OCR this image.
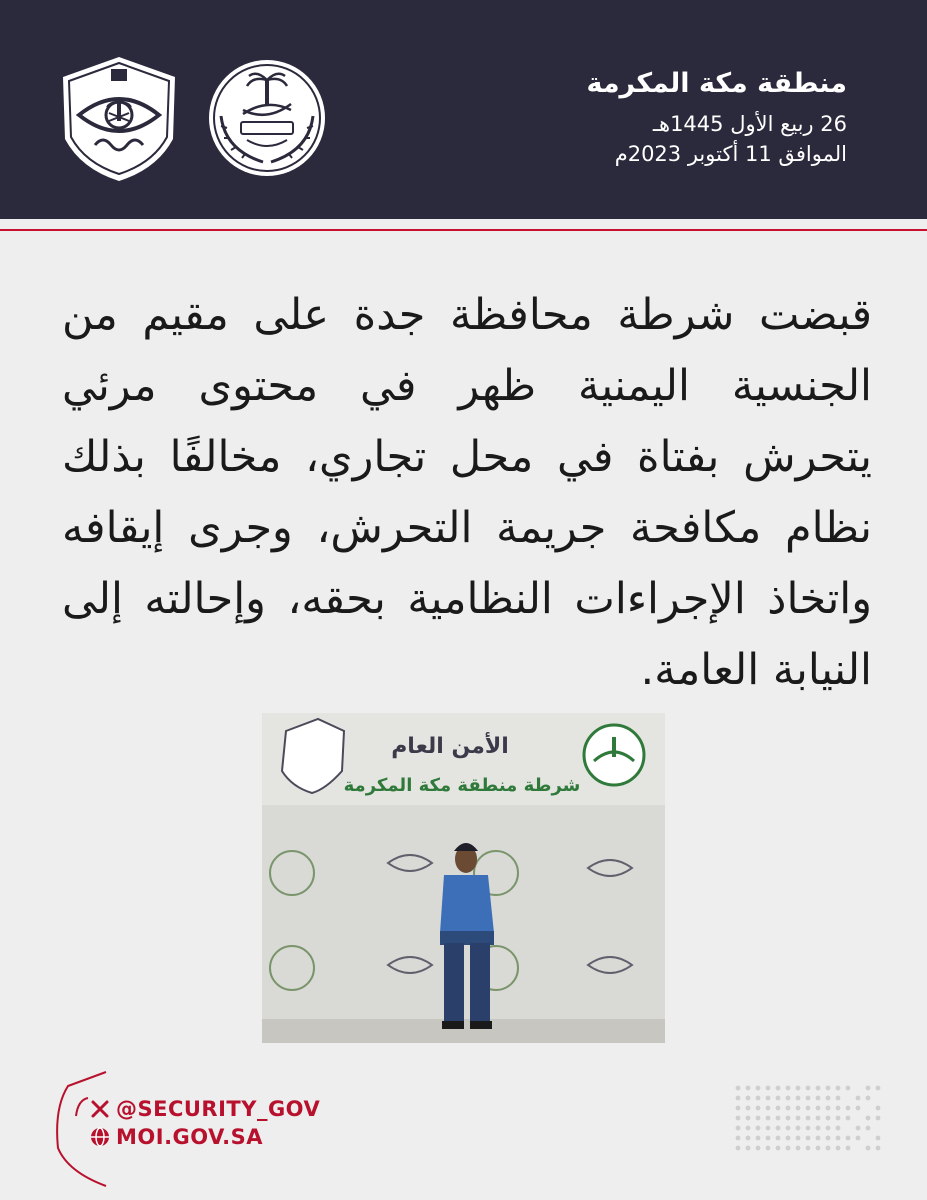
منطقة مكة المكرمة
26 ربيع الأول 1445هـ
الموافق 11 أكتوبر 2023م

قبضت شرطة محافظة جدة على مقيم من الجنسية اليمنية ظهر في محتوى مرئي يتحرش بفتاة في محل تجاري، مخالفًا بذلك نظام مكافحة جريمة التحرش، وجرى إيقافه واتخاذ الإجراءات النظامية بحقه، وإحالته إلى النيابة العامة.

الأمن العام
شرطة منطقة مكة المكرمة
@SECURITY_GOV
MOI.GOV.SA
